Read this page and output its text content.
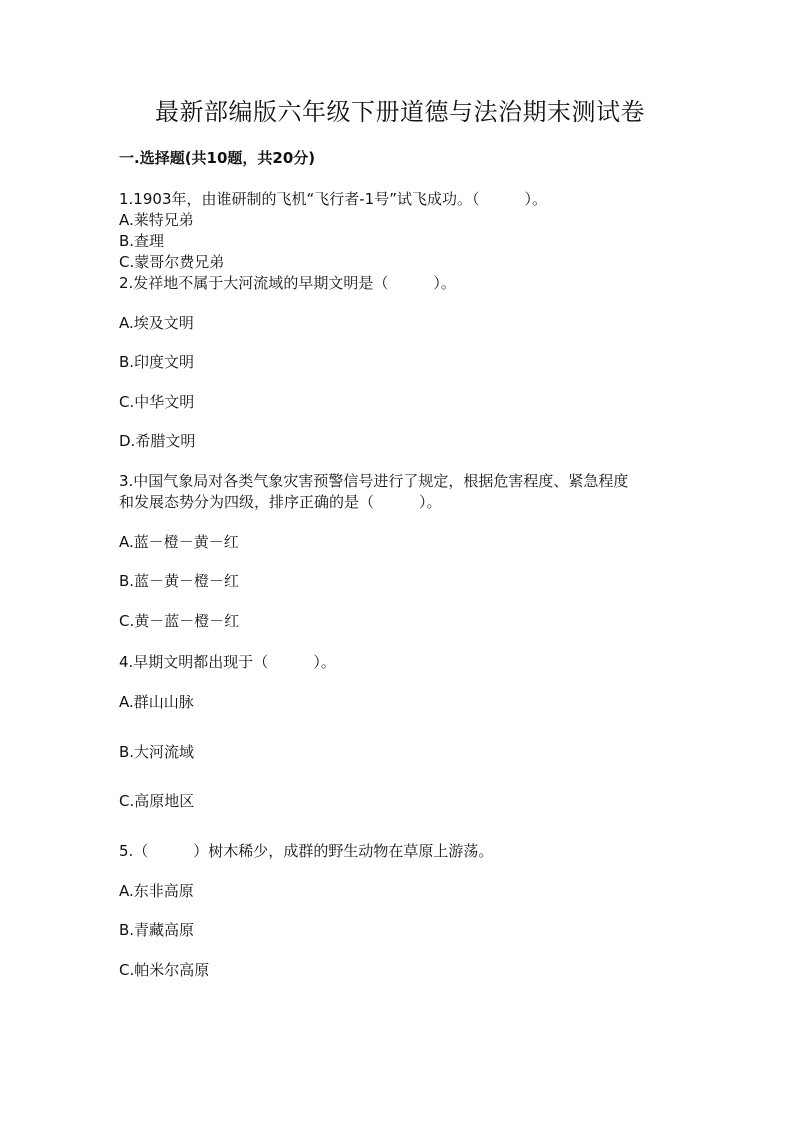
最新部编版六年级下册道德与法治期末测试卷
一.选择题(共10题，共20分)
1.1903年，由谁研制的飞机“飞行者-1号”试飞成功。（　　　）。
A.莱特兄弟
B.查理
C.蒙哥尔费兄弟
2.发祥地不属于大河流域的早期文明是（　　　）。
A.埃及文明
B.印度文明
C.中华文明
D.希腊文明
3.中国气象局对各类气象灾害预警信号进行了规定，根据危害程度、紧急程度
和发展态势分为四级，排序正确的是（　　　）。
A.蓝－橙－黄－红
B.蓝－黄－橙－红
C.黄－蓝－橙－红
4.早期文明都出现于（　　　）。
A.群山山脉
B.大河流域
C.高原地区
5.（　　　）树木稀少，成群的野生动物在草原上游荡。
A.东非高原
B.青藏高原
C.帕米尔高原
